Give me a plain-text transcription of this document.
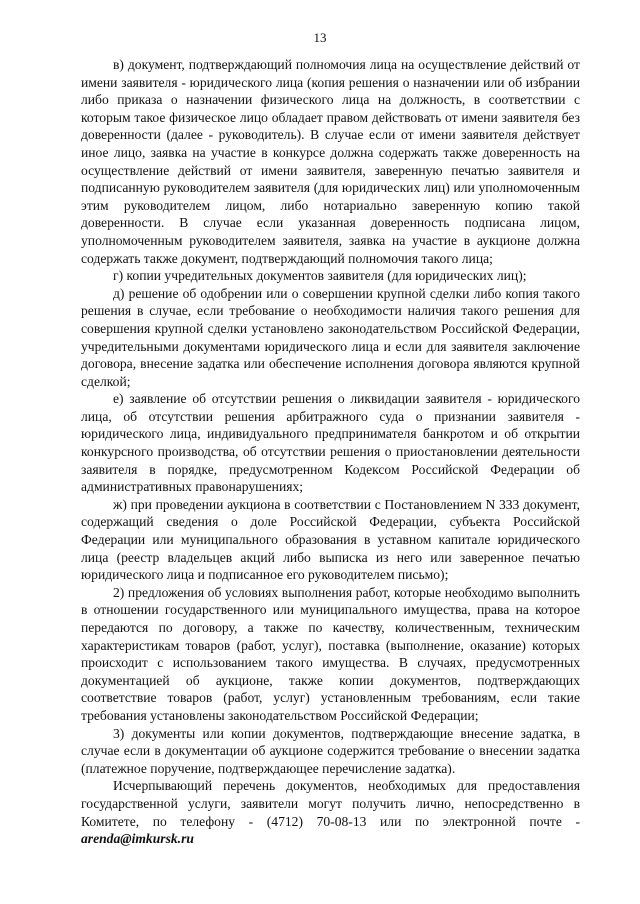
13

в) документ, подтверждающий полномочия лица на осуществление действий от имени заявителя - юридического лица (копия решения о назначении или об избрании либо приказа о назначении физического лица на должность, в соответствии с которым такое физическое лицо обладает правом действовать от имени заявителя без доверенности (далее - руководитель). В случае если от имени заявителя действует иное лицо, заявка на участие в конкурсе должна содержать также доверенность на осуществление действий от имени заявителя, заверенную печатью заявителя и подписанную руководителем заявителя (для юридических лиц) или уполномоченным этим руководителем лицом, либо нотариально заверенную копию такой доверенности. В случае если указанная доверенность подписана лицом, уполномоченным руководителем заявителя, заявка на участие в аукционе должна содержать также документ, подтверждающий полномочия такого лица;

г) копии учредительных документов заявителя (для юридических лиц);

д) решение об одобрении или о совершении крупной сделки либо копия такого решения в случае, если требование о необходимости наличия такого решения для совершения крупной сделки установлено законодательством Российской Федерации, учредительными документами юридического лица и если для заявителя заключение договора, внесение задатка или обеспечение исполнения договора являются крупной сделкой;

е) заявление об отсутствии решения о ликвидации заявителя - юридического лица, об отсутствии решения арбитражного суда о признании заявителя - юридического лица, индивидуального предпринимателя банкротом и об открытии конкурсного производства, об отсутствии решения о приостановлении деятельности заявителя в порядке, предусмотренном Кодексом Российской Федерации об административных правонарушениях;

ж) при проведении аукциона в соответствии с Постановлением N 333 документ, содержащий сведения о доле Российской Федерации, субъекта Российской Федерации или муниципального образования в уставном капитале юридического лица (реестр владельцев акций либо выписка из него или заверенное печатью юридического лица и подписанное его руководителем письмо);

2) предложения об условиях выполнения работ, которые необходимо выполнить в отношении государственного или муниципального имущества, права на которое передаются по договору, а также по качеству, количественным, техническим характеристикам товаров (работ, услуг), поставка (выполнение, оказание) которых происходит с использованием такого имущества. В случаях, предусмотренных документацией об аукционе, также копии документов, подтверждающих соответствие товаров (работ, услуг) установленным требованиям, если такие требования установлены законодательством Российской Федерации;

3) документы или копии документов, подтверждающие внесение задатка, в случае если в документации об аукционе содержится требование о внесении задатка (платежное поручение, подтверждающее перечисление задатка).

Исчерпывающий перечень документов, необходимых для предоставления государственной услуги, заявители могут получить лично, непосредственно в Комитете, по телефону - (4712) 70-08-13 или по электронной почте - arenda@imkursk.ru
